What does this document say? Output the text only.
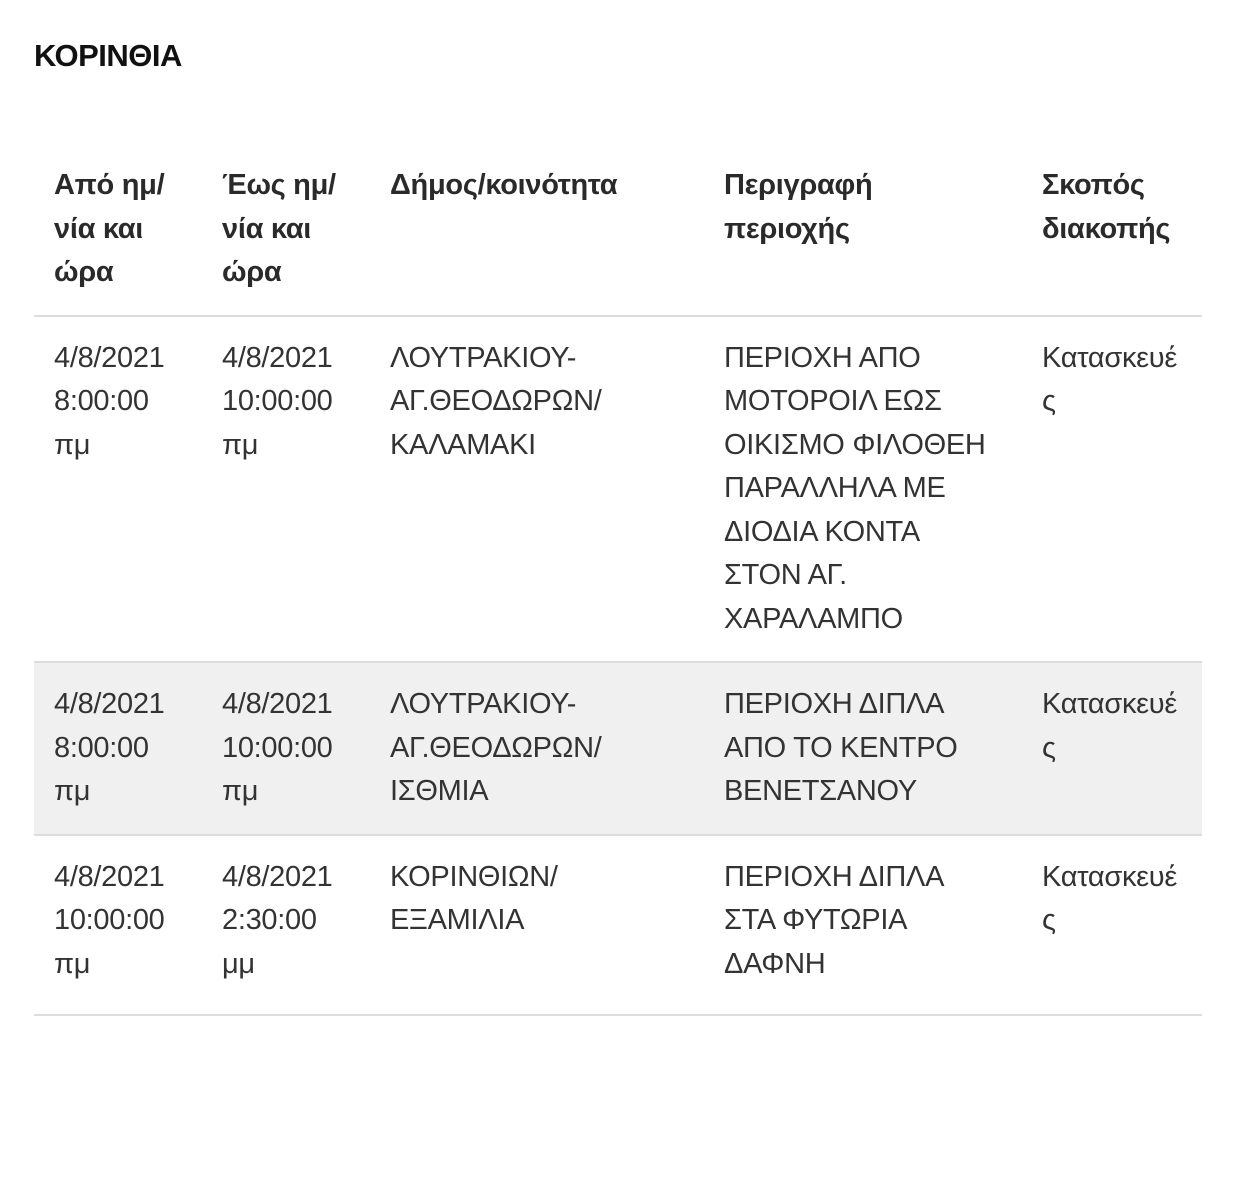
ΚΟΡΙΝΘΙΑ
Από ημ/νία και ώρα	Έως ημ/νία και ώρα	Δήμος/κοινότητα	Περιγραφή περιοχής	Σκοπός διακοπής
4/8/2021 8:00:00 πμ	4/8/2021 10:00:00 πμ	ΛΟΥΤΡΑΚΙΟΥ-ΑΓ.ΘΕΟΔΩΡΩΝ/ΚΑΛΑΜΑΚΙ	ΠΕΡΙΟΧΗ ΑΠΟ ΜΟΤΟΡΟΙΛ ΕΩΣ ΟΙΚΙΣΜΟ ΦΙΛΟΘΕΗ ΠΑΡΑΛΛΗΛΑ ΜΕ ΔΙΟΔΙΑ ΚΟΝΤΑ ΣΤΟΝ ΑΓ. ΧΑΡΑΛΑΜΠΟ	Κατασκευές
4/8/2021 8:00:00 πμ	4/8/2021 10:00:00 πμ	ΛΟΥΤΡΑΚΙΟΥ-ΑΓ.ΘΕΟΔΩΡΩΝ/ΙΣΘΜΙΑ	ΠΕΡΙΟΧΗ ΔΙΠΛΑ ΑΠΟ ΤΟ ΚΕΝΤΡΟ ΒΕΝΕΤΣΑΝΟΥ	Κατασκευές
4/8/2021 10:00:00 πμ	4/8/2021 2:30:00 μμ	ΚΟΡΙΝΘΙΩΝ/ΕΞΑΜΙΛΙΑ	ΠΕΡΙΟΧΗ ΔΙΠΛΑ ΣΤΑ ΦΥΤΩΡΙΑ ΔΑΦΝΗ	Κατασκευές
